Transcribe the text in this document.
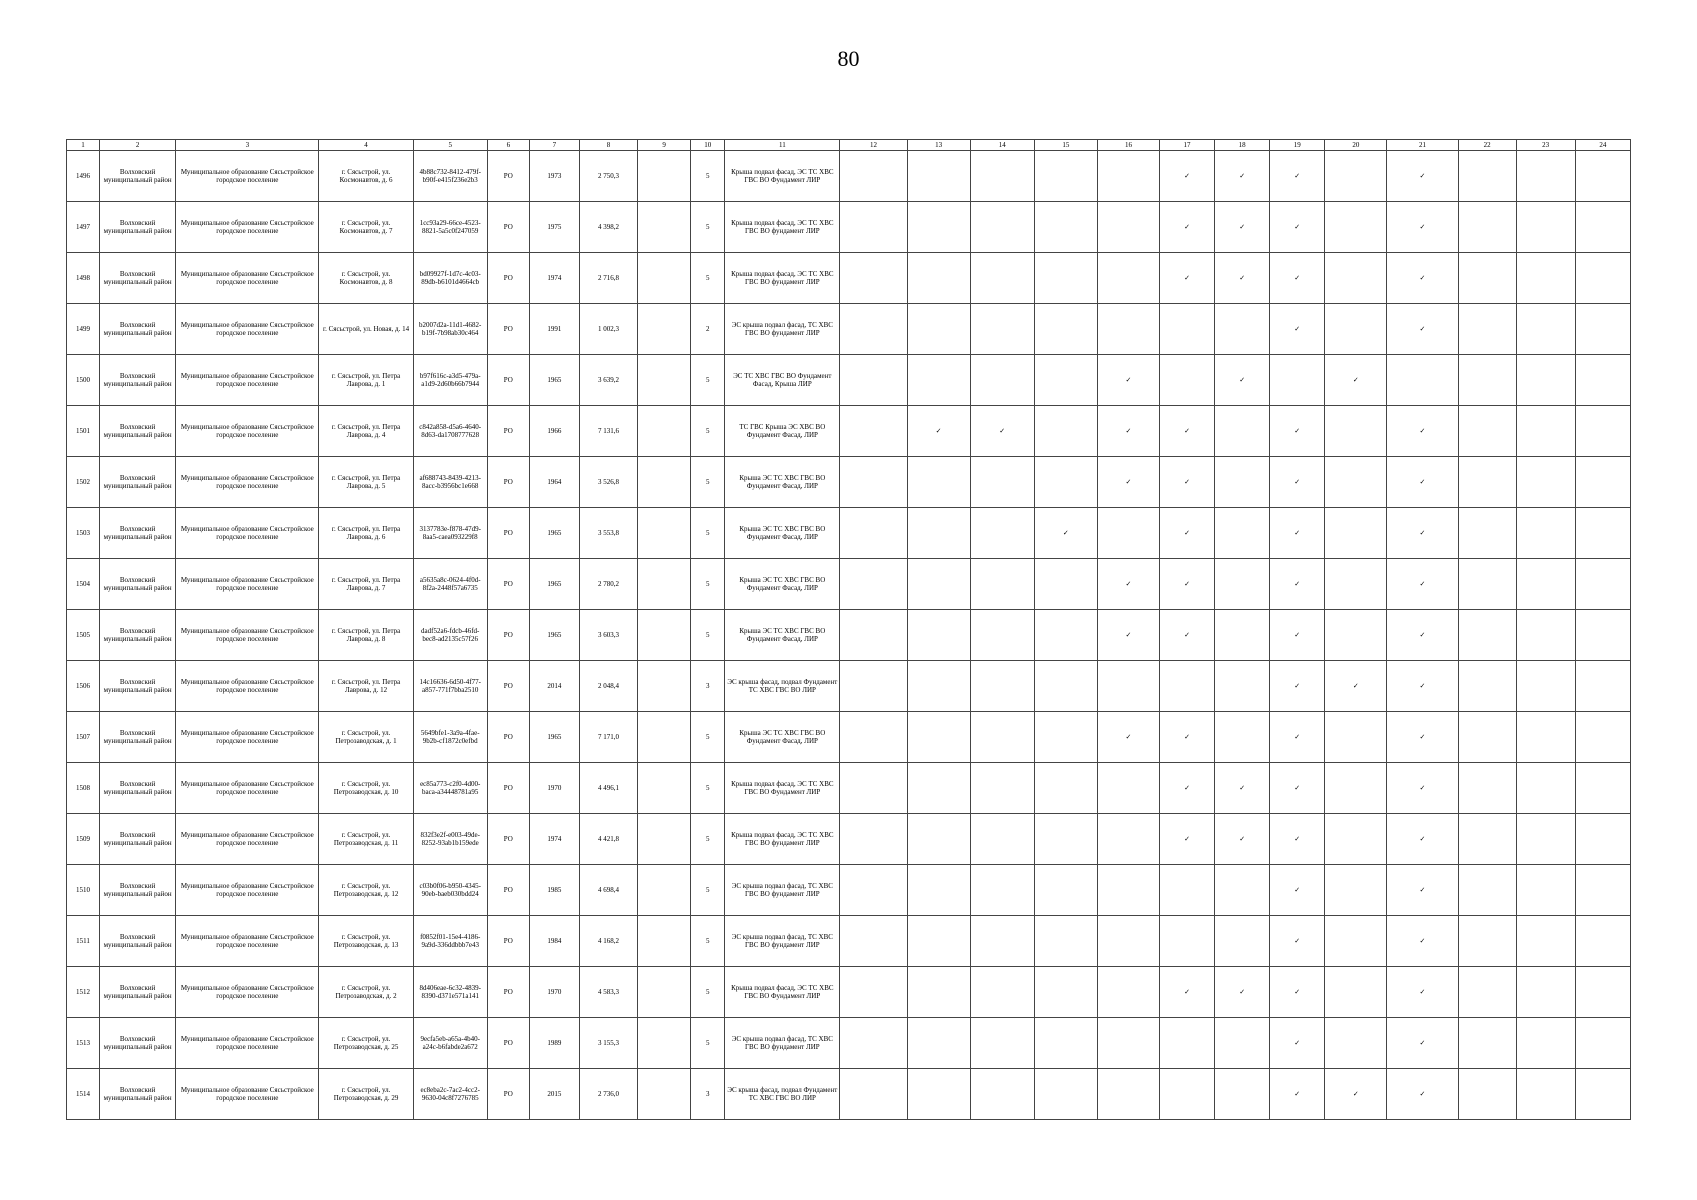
80
1	2	3	4	5	6	7	8	9	10	11	12	13	14	15	16	17	18	19	20	21	22	23	24
1496	Волховский муниципальный район	Муниципальное образование Сясьстройское городское поселение	г. Сясьстрой, ул. Космонавтов, д. 6	4b88c732-8412-479f-b90f-e415f236e2b3	РО	1973	2 750,3		5	Крыша подвал фасад, ЭС ТС ХВС ГВС ВО Фундамент ЛИР						✓	✓	✓		✓			
1497	Волховский муниципальный район	Муниципальное образование Сясьстройское городское поселение	г. Сясьстрой, ул. Космонавтов, д. 7	1cc93a29-66ce-4523-8821-5a5c0f247059	РО	1975	4 398,2		5	Крыша подвал фасад, ЭС ТС ХВС ГВС ВО фундамент ЛИР						✓	✓	✓		✓			
1498	Волховский муниципальный район	Муниципальное образование Сясьстройское городское поселение	г. Сясьстрой, ул. Космонавтов, д. 8	bd09927f-1d7c-4c03-89db-b6101d4664cb	РО	1974	2 716,8		5	Крыша подвал фасад, ЭС ТС ХВС ГВС ВО фундамент ЛИР						✓	✓	✓		✓			
1499	Волховский муниципальный район	Муниципальное образование Сясьстройское городское поселение	г. Сясьстрой, ул. Новая, д. 14	b2007d2a-11d1-4682-b19f-7b98ab30c464	РО	1991	1 002,3		2	ЭС крыша подвал фасад, ТС ХВС ГВС ВО фундамент ЛИР								✓		✓			
1500	Волховский муниципальный район	Муниципальное образование Сясьстройское городское поселение	г. Сясьстрой, ул. Петра Лаврова, д. 1	b97f616c-a3d5-479a-a1d9-2d60b66b7944	РО	1965	3 639,2		5	ЭС ТС ХВС ГВС ВО Фундамент Фасад, Крыша ЛИР					✓		✓		✓				
1501	Волховский муниципальный район	Муниципальное образование Сясьстройское городское поселение	г. Сясьстрой, ул. Петра Лаврова, д. 4	c842a858-d5a6-4640-8d63-da1708777628	РО	1966	7 131,6		5	ТС ГВС Крыша ЭС ХВС ВО Фундамент Фасад, ЛИР		✓	✓		✓	✓		✓		✓			
1502	Волховский муниципальный район	Муниципальное образование Сясьстройское городское поселение	г. Сясьстрой, ул. Петра Лаврова, д. 5	af688743-8439-4213-8acc-b3956bc1e668	РО	1964	3 526,8		5	Крыша ЭС ТС ХВС ГВС ВО Фундамент Фасад, ЛИР					✓	✓		✓		✓			
1503	Волховский муниципальный район	Муниципальное образование Сясьстройское городское поселение	г. Сясьстрой, ул. Петра Лаврова, д. 6	3137783e-f878-47d9-8aa5-caea093229f8	РО	1965	3 553,8		5	Крыша ЭС ТС ХВС ГВС ВО Фундамент Фасад, ЛИР				✓		✓		✓		✓			
1504	Волховский муниципальный район	Муниципальное образование Сясьстройское городское поселение	г. Сясьстрой, ул. Петра Лаврова, д. 7	a5635a8c-0624-4f0d-8f2a-2448f57a6735	РО	1965	2 780,2		5	Крыша ЭС ТС ХВС ГВС ВО Фундамент Фасад, ЛИР					✓	✓		✓		✓			
1505	Волховский муниципальный район	Муниципальное образование Сясьстройское городское поселение	г. Сясьстрой, ул. Петра Лаврова, д. 8	dadf52a6-fdcb-46fd-bec8-ad2135c57f26	РО	1965	3 603,3		5	Крыша ЭС ТС ХВС ГВС ВО Фундамент Фасад, ЛИР					✓	✓		✓		✓			
1506	Волховский муниципальный район	Муниципальное образование Сясьстройское городское поселение	г. Сясьстрой, ул. Петра Лаврова, д. 12	14c16636-6d50-4f77-a857-771f7bba2510	РО	2014	2 048,4		3	ЭС крыша фасад, подвал Фундамент ТС ХВС ГВС ВО ЛИР								✓	✓	✓			
1507	Волховский муниципальный район	Муниципальное образование Сясьстройское городское поселение	г. Сясьстрой, ул. Петрозаводская, д. 1	5649bfe1-3a9a-4fae-9b2b-cf1872c0efbd	РО	1965	7 171,0		5	Крыша ЭС ТС ХВС ГВС ВО Фундамент Фасад, ЛИР					✓	✓		✓		✓			
1508	Волховский муниципальный район	Муниципальное образование Сясьстройское городское поселение	г. Сясьстрой, ул. Петрозаводская, д. 10	ec85a773-c2f0-4d00-baca-a34448781a95	РО	1970	4 496,1		5	Крыша подвал фасад, ЭС ТС ХВС ГВС ВО Фундамент ЛИР						✓	✓	✓		✓			
1509	Волховский муниципальный район	Муниципальное образование Сясьстройское городское поселение	г. Сясьстрой, ул. Петрозаводская, д. 11	832f3e2f-e003-49de-8252-93ab1b159ede	РО	1974	4 421,8		5	Крыша подвал фасад, ЭС ТС ХВС ГВС ВО фундамент ЛИР						✓	✓	✓		✓			
1510	Волховский муниципальный район	Муниципальное образование Сясьстройское городское поселение	г. Сясьстрой, ул. Петрозаводская, д. 12	c03b0f06-b950-4345-90eb-baeb030bdd24	РО	1985	4 698,4		5	ЭС крыша подвал фасад, ТС ХВС ГВС ВО фундамент ЛИР								✓		✓			
1511	Волховский муниципальный район	Муниципальное образование Сясьстройское городское поселение	г. Сясьстрой, ул. Петрозаводская, д. 13	f0852f01-15e4-4186-9a9d-336ddbbb7e43	РО	1984	4 168,2		5	ЭС крыша подвал фасад, ТС ХВС ГВС ВО фундамент ЛИР								✓		✓			
1512	Волховский муниципальный район	Муниципальное образование Сясьстройское городское поселение	г. Сясьстрой, ул. Петрозаводская, д. 2	8d406eae-6c32-4839-8390-d371e571a141	РО	1970	4 583,3		5	Крыша подвал фасад, ЭС ТС ХВС ГВС ВО Фундамент ЛИР						✓	✓	✓		✓			
1513	Волховский муниципальный район	Муниципальное образование Сясьстройское городское поселение	г. Сясьстрой, ул. Петрозаводская, д. 25	9ecfa5eb-a65a-4b40-a24c-b6fabde2a672	РО	1989	3 155,3		5	ЭС крыша подвал фасад, ТС ХВС ГВС ВО фундамент ЛИР								✓		✓			
1514	Волховский муниципальный район	Муниципальное образование Сясьстройское городское поселение	г. Сясьстрой, ул. Петрозаводская, д. 29	ec8eba2c-7ac2-4cc2-9630-04c8f7276785	РО	2015	2 736,0		3	ЭС крыша фасад, подвал Фундамент ТС ХВС ГВС ВО ЛИР								✓	✓	✓			
